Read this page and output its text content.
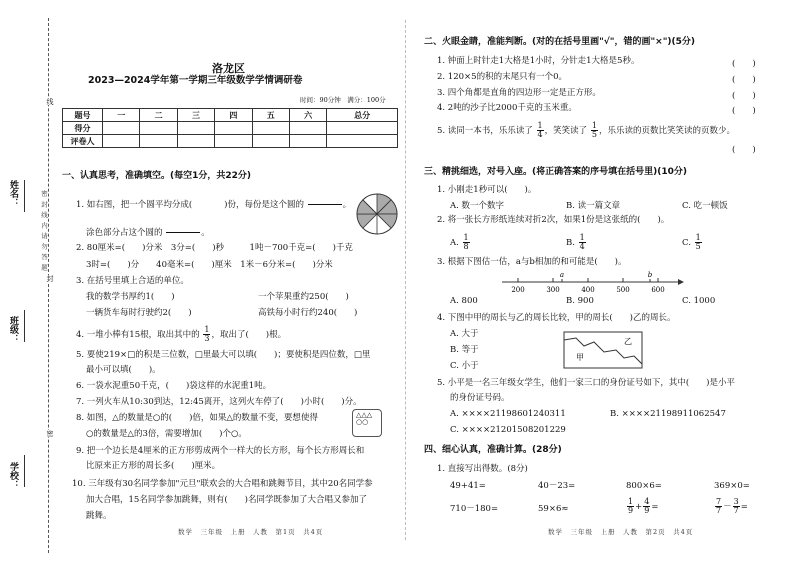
姓名：
班级：
学校：
密 封 线 内 请 勿 答 题
线
封
密
洛龙区
2023—2024学年第一学期三年级数学学情调研卷
时间：90分钟　满分：100分
题号	一	二	三	四	五	六	总分
得分							
评卷人							
一、认真思考，准确填空。(每空1分，共22分)
1. 如右图，把一个圆平均分成(	)份，每份是这个圆的	。
涂色部分占这个圆的	。
2. 80厘米=(　　)分米　3分=(　　)秒　　　1吨－700千克=(　　)千克
3时=(　　)分　　40毫米=(　　)厘米　1米－6分米=(　　)分米
3. 在括号里填上合适的单位。
我的数学书厚约1(　　)	一个苹果重约250(　　)
一辆货车每时行驶约2(　　)	高铁每小时行约240(　　)
4. 一堆小棒有15根，取出其中的 $\frac{1}{3}$ ，取出了(　　)根。
5. 要使219×□的积是三位数，□里最大可以填(　　)；要使积是四位数，□里
最小可以填(　　)。
6. 一袋水泥重50千克，(　　)袋这样的水泥重1吨。
7. 一列火车从10:30到达，12:45离开，这列火车停了(　　)小时(　　)分。
8. 如图，△的数量是○的(　　)倍，如果△的数量不变，要想使得
○的数量是△的3倍，需要增加(　　)个○。
△△△
○○
9. 把一个边长是4厘米的正方形剪成两个一样大的长方形，每个长方形周长和
比原来正方形的周长多(　　)厘米。
10. 三年级有30名同学参加"元旦"联欢会的大合唱和跳舞节目，其中20名同学参
加大合唱，15名同学参加跳舞，则有(　　)名同学既参加了大合唱又参加了
跳舞。
二、火眼金睛，准能判断。(对的在括号里画"√"，错的画"×")(5分)
1. 钟面上时针走1大格是1小时，分针走1大格是5秒。	(　　)
2. 120×5的积的末尾只有一个0。	(　　)
3. 四个角都是直角的四边形一定是正方形。	(　　)
4. 2吨的沙子比2000千克的玉米重。	(　　)
5. 读同一本书，乐乐读了 $\frac{1}{4}$ ，笑笑读了 $\frac{1}{5}$ ，乐乐读的页数比笑笑读的页数少。
(　　)
三、精挑细选，对号入座。(将正确答案的序号填在括号里)(10分)
1. 小刚走1秒可以(　　)。
A. 数一个数字	B. 读一篇文章	C. 吃一顿饭
2. 将一张长方形纸连续对折2次，如果1份是这张纸的(　　)。
A. $\frac{1}{8}$	B. $\frac{1}{4}$	C. $\frac{1}{5}$
3. 根据下图估一估，a与b相加的和可能是(　　)。
a	b
200	300	400	500	600
A. 800	B. 900	C. 1000
4. 下图中甲的周长与乙的周长比较，甲的周长(　　)乙的周长。
A. 大于
B. 等于
C. 小于
甲
乙
5. 小平是一名三年级女学生，他们一家三口的身份证号如下，其中(　　)是小平
的身份证号码。
A. ××××21198601240311	B. ××××21198911062547
C. ××××21201508201229
四、细心认真，准确计算。(28分)
1. 直接写出得数。(8分)
49+41=	40－23=	800×6=	369×0=
710－180=	59×6≈	$\frac{1}{9} + \frac{4}{9}$ =	$\frac{7}{7} - \frac{3}{7}$ =
数学　三年级　上册　人教　第1页　共4页	数学　三年级　上册　人教　第2页　共4页
